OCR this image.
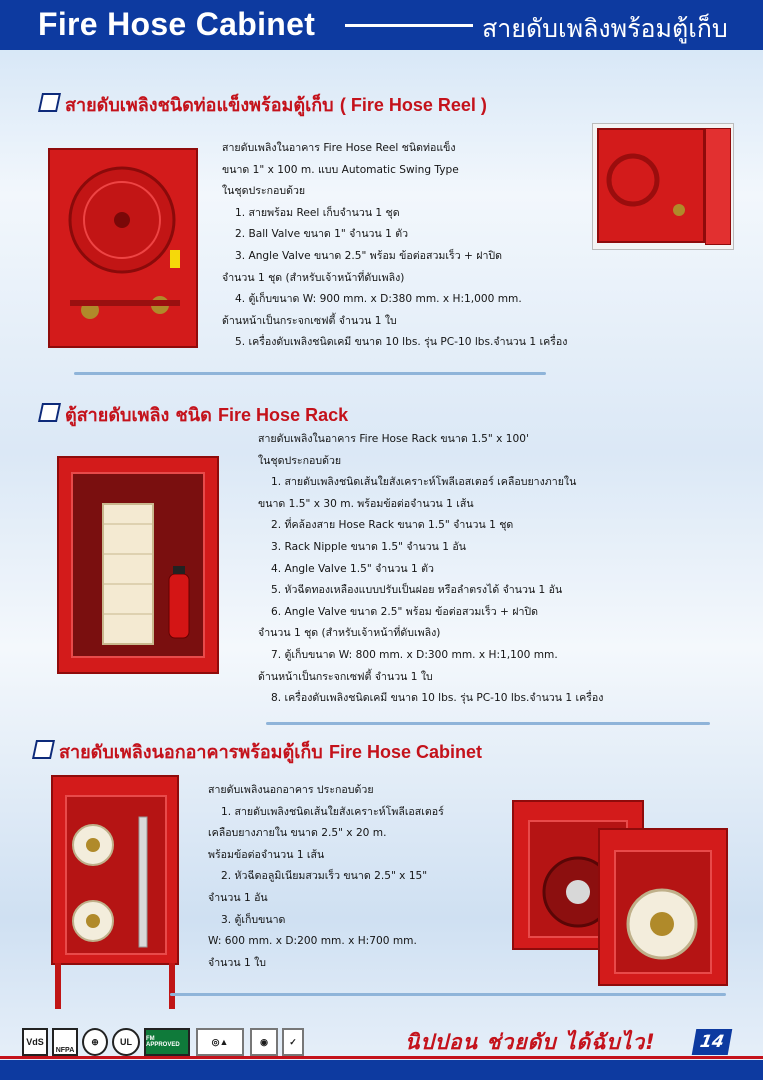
Fire Hose Cabinet	สายดับเพลิงพร้อมตู้เก็บ
สายดับเพลิงชนิดท่อแข็งพร้อมตู้เก็บ ( Fire Hose Reel )
สายดับเพลิงในอาคาร Fire Hose Reel ชนิดท่อแข็ง
ขนาด 1" x 100 m. แบบ Automatic Swing Type
ในชุดประกอบด้วย
1. สายพร้อม Reel เก็บจำนวน 1 ชุด
2. Ball Valve ขนาด 1" จำนวน 1 ตัว
3. Angle Valve ขนาด 2.5" พร้อม ข้อต่อสวมเร็ว + ฝาปิด
จำนวน 1 ชุด (สำหรับเจ้าหน้าที่ดับเพลิง)
4. ตู้เก็บขนาด W: 900 mm. x D:380 mm. x H:1,000 mm.
ด้านหน้าเป็นกระจกเซฟตี้ จำนวน 1 ใบ
5. เครื่องดับเพลิงชนิดเคมี ขนาด 10 lbs. รุ่น PC-10 lbs.จำนวน 1 เครื่อง
ตู้สายดับเพลิง ชนิด Fire Hose Rack
สายดับเพลิงในอาคาร Fire Hose Rack ขนาด 1.5" x 100'
ในชุดประกอบด้วย
1. สายดับเพลิงชนิดเส้นใยสังเคราะห์โพลีเอสเตอร์ เคลือบยางภายใน
ขนาด 1.5" x 30 m. พร้อมข้อต่อจำนวน 1 เส้น
2. ที่คล้องสาย Hose Rack ขนาด 1.5" จำนวน 1 ชุด
3. Rack Nipple ขนาด 1.5" จำนวน 1 อัน
4. Angle Valve 1.5" จำนวน 1 ตัว
5. หัวฉีดทองเหลืองแบบปรับเป็นฝอย หรือลำตรงได้ จำนวน 1 อัน
6. Angle Valve ขนาด 2.5" พร้อม ข้อต่อสวมเร็ว + ฝาปิด
จำนวน 1 ชุด (สำหรับเจ้าหน้าที่ดับเพลิง)
7. ตู้เก็บขนาด W: 800 mm. x D:300 mm. x H:1,100 mm.
ด้านหน้าเป็นกระจกเซฟตี้ จำนวน 1 ใบ
8. เครื่องดับเพลิงชนิดเคมี ขนาด 10 lbs. รุ่น PC-10 lbs.จำนวน 1 เครื่อง
สายดับเพลิงนอกอาคารพร้อมตู้เก็บ Fire Hose Cabinet
สายดับเพลิงนอกอาคาร ประกอบด้วย
1. สายดับเพลิงชนิดเส้นใยสังเคราะห์โพลีเอสเตอร์
เคลือบยางภายใน ขนาด 2.5" x 20 m.
พร้อมข้อต่อจำนวน 1 เส้น
2. หัวฉีดอลูมิเนียมสวมเร็ว ขนาด 2.5" x 15"
จำนวน 1 อัน
3. ตู้เก็บขนาด
W: 600 mm. x D:200 mm. x H:700 mm.
จำนวน 1 ใบ
VdS
NFPA
⊕	UL FM APPROVED	◎▲	◉	✓	นิปปอน ช่วยดับ ได้ฉับไว!	14
